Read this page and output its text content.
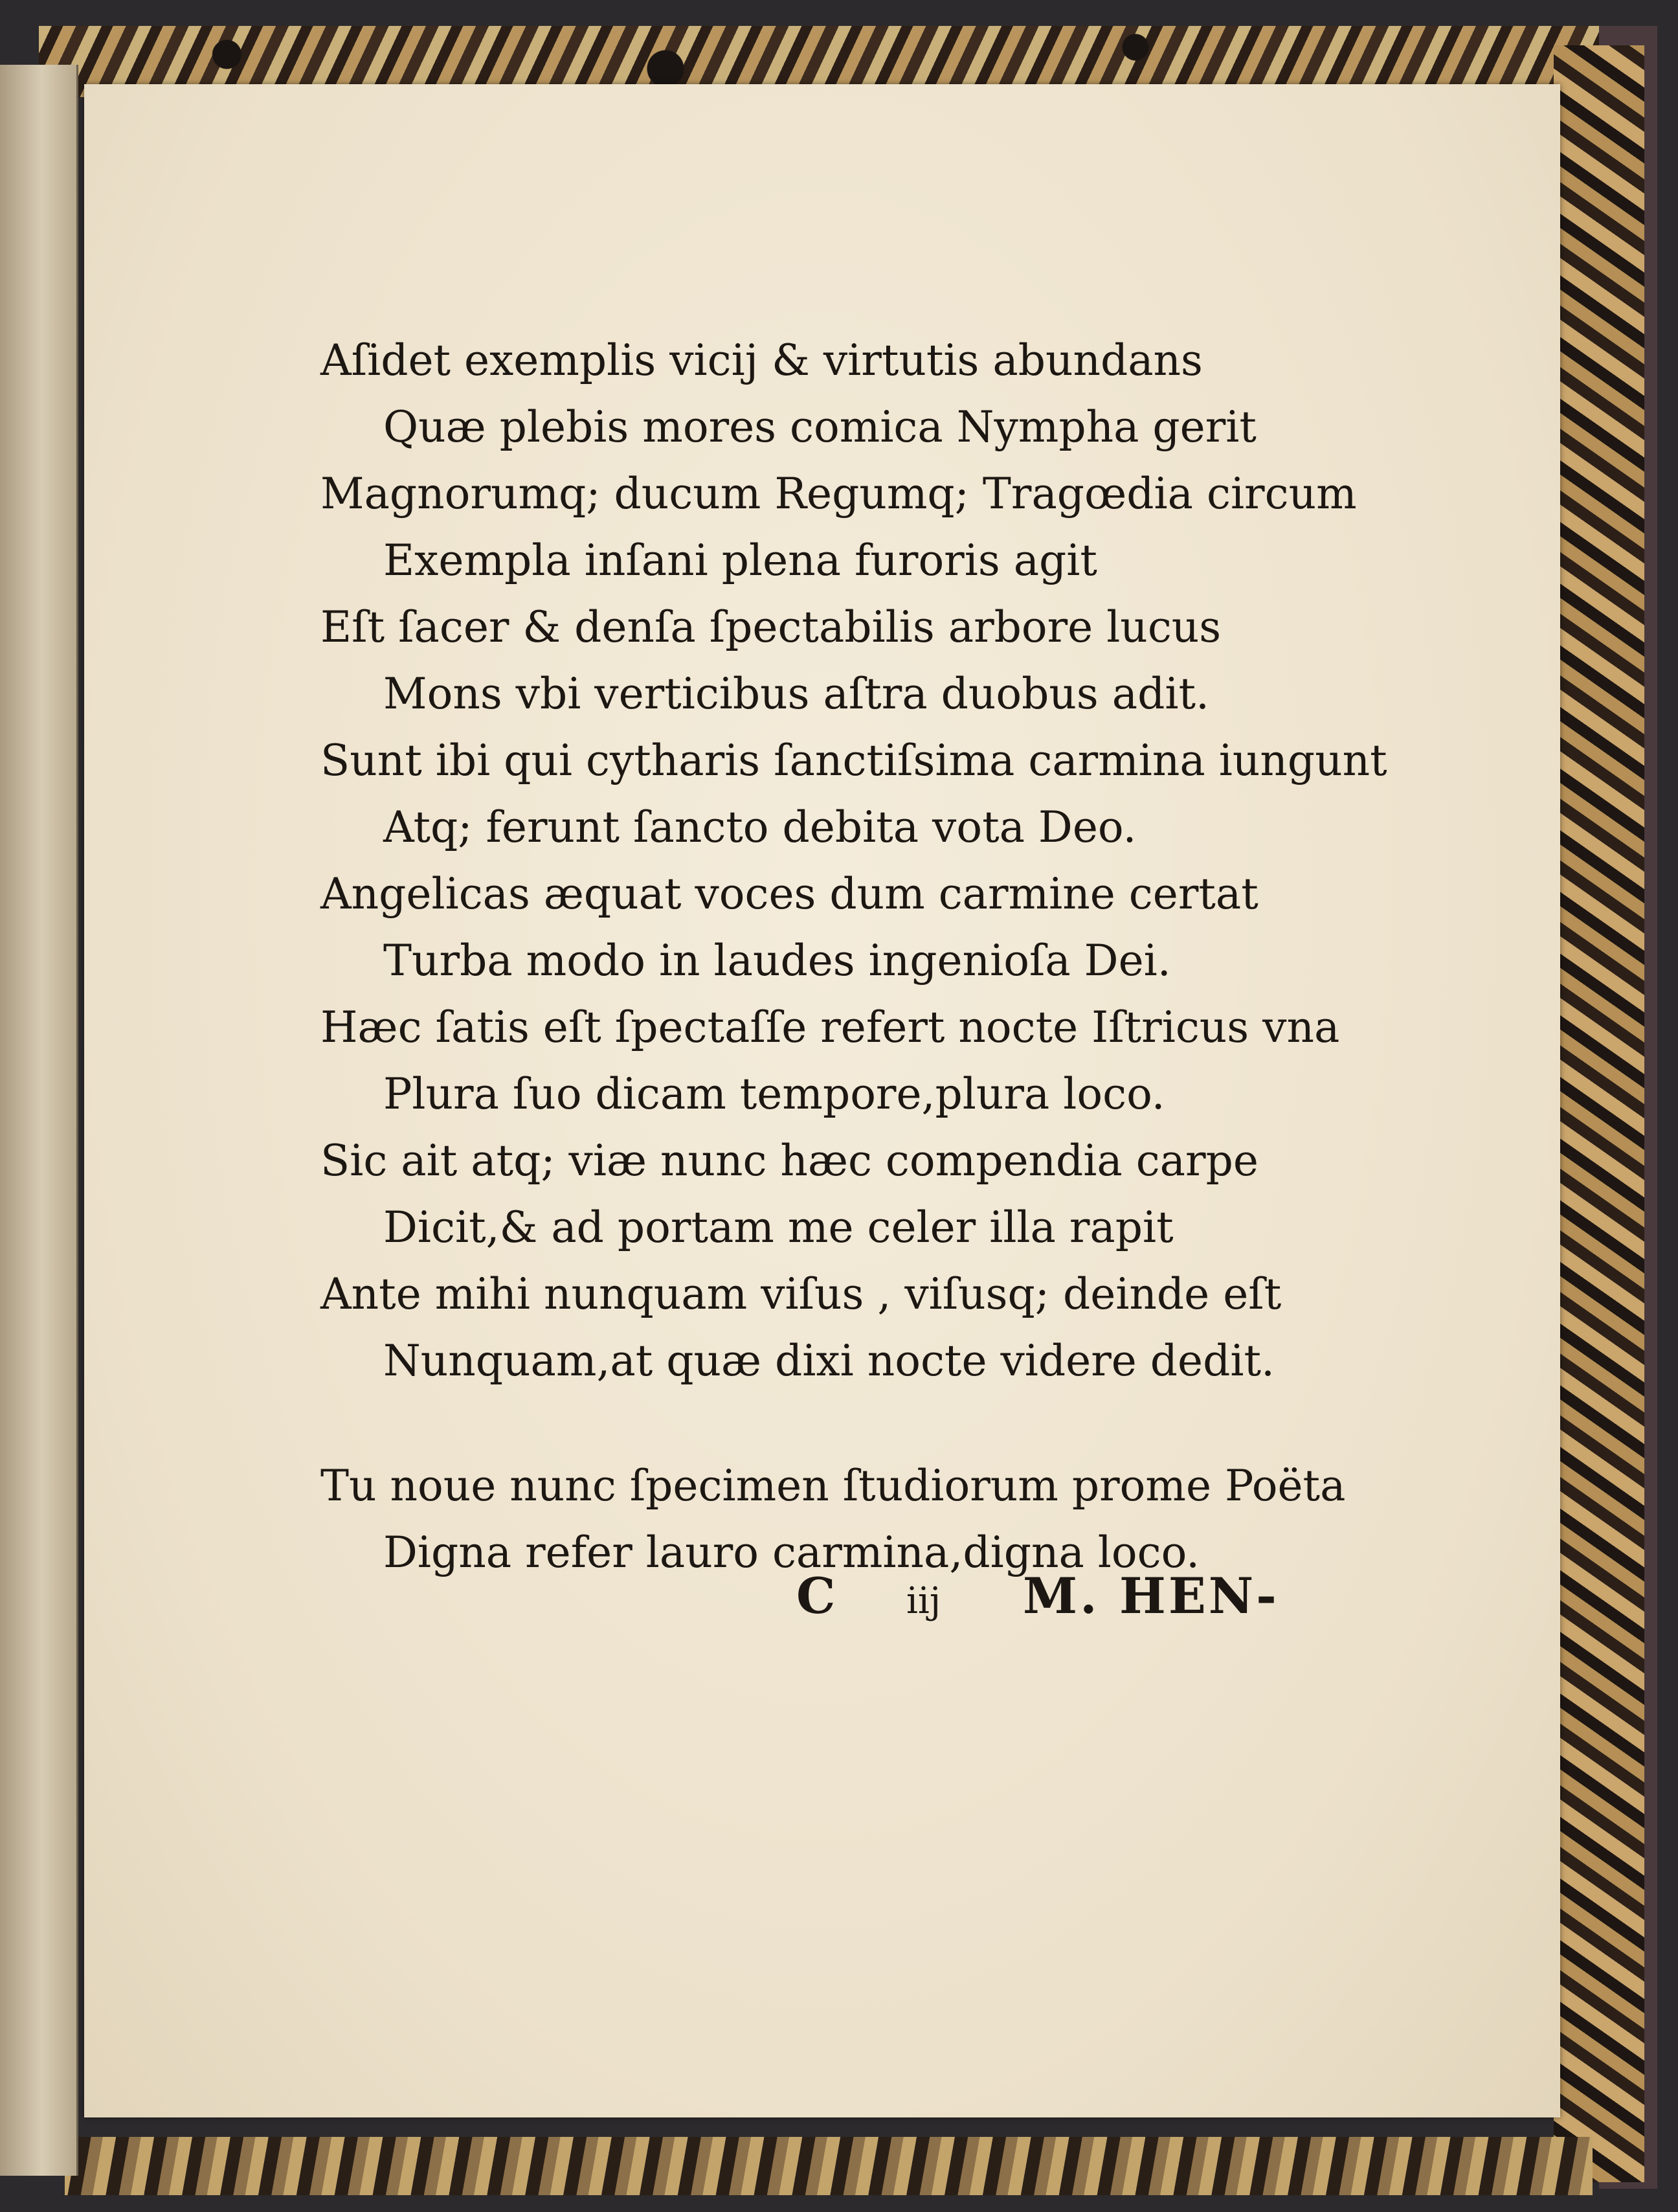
Aſidet exemplis vicij & virtutis abundans
Quæ plebis mores comica Nympha gerit
Magnorumq; ducum Regumq; Tragœdia circum
Exempla inſani plena furoris agit
Eſt ſacer & denſa ſpectabilis arbore lucus
Mons vbi verticibus aſtra duobus adit.
Sunt ibi qui cytharis ſanctiſsima carmina iungunt
Atq; ferunt ſancto debita vota Deo.
Angelicas æquat voces dum carmine certat
Turba modo in laudes ingenioſa Dei.
Hæc ſatis eſt ſpectaſſe refert nocte Iſtricus vna
Plura ſuo dicam tempore,plura loco.
Sic ait atq; viæ nunc hæc compendia carpe
Dicit,& ad portam me celer illa rapit
Ante mihi nunquam viſus , viſusq; deinde eſt
Nunquam,at quæ dixi nocte videre dedit.
Tu noue nunc ſpecimen ſtudiorum prome Poëta
Digna refer lauro carmina,digna loco.
C iij M. HEN-
